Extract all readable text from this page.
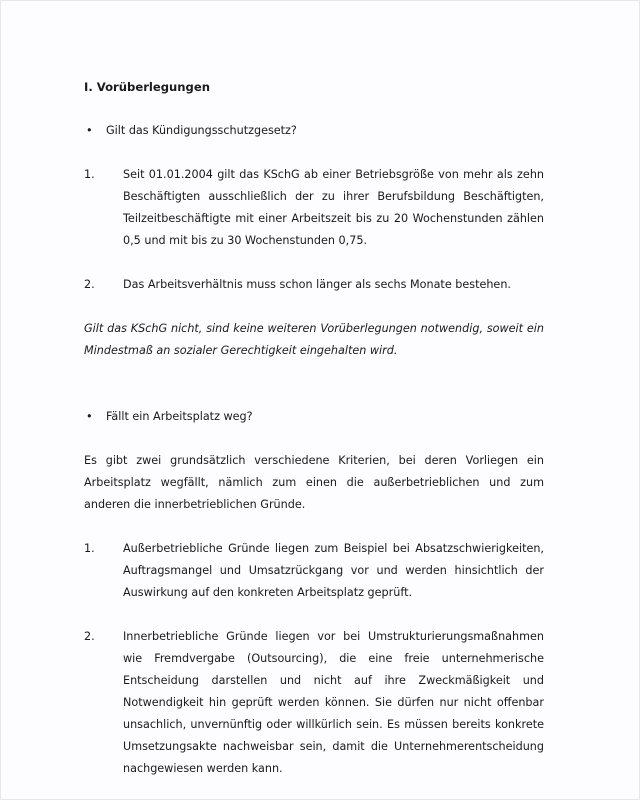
I. Vorüberlegungen

•	Gilt das Kündigungsschutzgesetz?
1.	Seit 01.01.2004 gilt das KSchG ab einer Betriebsgröße von mehr als zehn Beschäftigten ausschließlich der zu ihrer Berufsbildung Beschäftigten, Teilzeitbeschäftigte mit einer Arbeitszeit bis zu 20 Wochenstunden zählen 0,5 und mit bis zu 30 Wochenstunden 0,75.
2.	Das Arbeitsverhältnis muss schon länger als sechs Monate bestehen.

Gilt das KSchG nicht, sind keine weiteren Vorüberlegungen notwendig, soweit ein Mindestmaß an sozialer Gerechtigkeit eingehalten wird.

•	Fällt ein Arbeitsplatz weg?

Es gibt zwei grundsätzlich verschiedene Kriterien, bei deren Vorliegen ein Arbeitsplatz wegfällt, nämlich zum einen die außerbetrieblichen und zum anderen die innerbetrieblichen Gründe.

1.	Außerbetriebliche Gründe liegen zum Beispiel bei Absatzschwierigkeiten, Auftragsmangel und Umsatzrückgang vor und werden hinsichtlich der Auswirkung auf den konkreten Arbeitsplatz geprüft.
2.	Innerbetriebliche Gründe liegen vor bei Umstrukturierungsmaßnahmen wie Fremdvergabe (Outsourcing), die eine freie unternehmerische Entscheidung darstellen und nicht auf ihre Zweckmäßigkeit und Notwendigkeit hin geprüft werden können. Sie dürfen nur nicht offenbar unsachlich, unvernünftig oder willkürlich sein. Es müssen bereits konkrete Umsetzungsakte nachweisbar sein, damit die Unternehmerentscheidung nachgewiesen werden kann.
